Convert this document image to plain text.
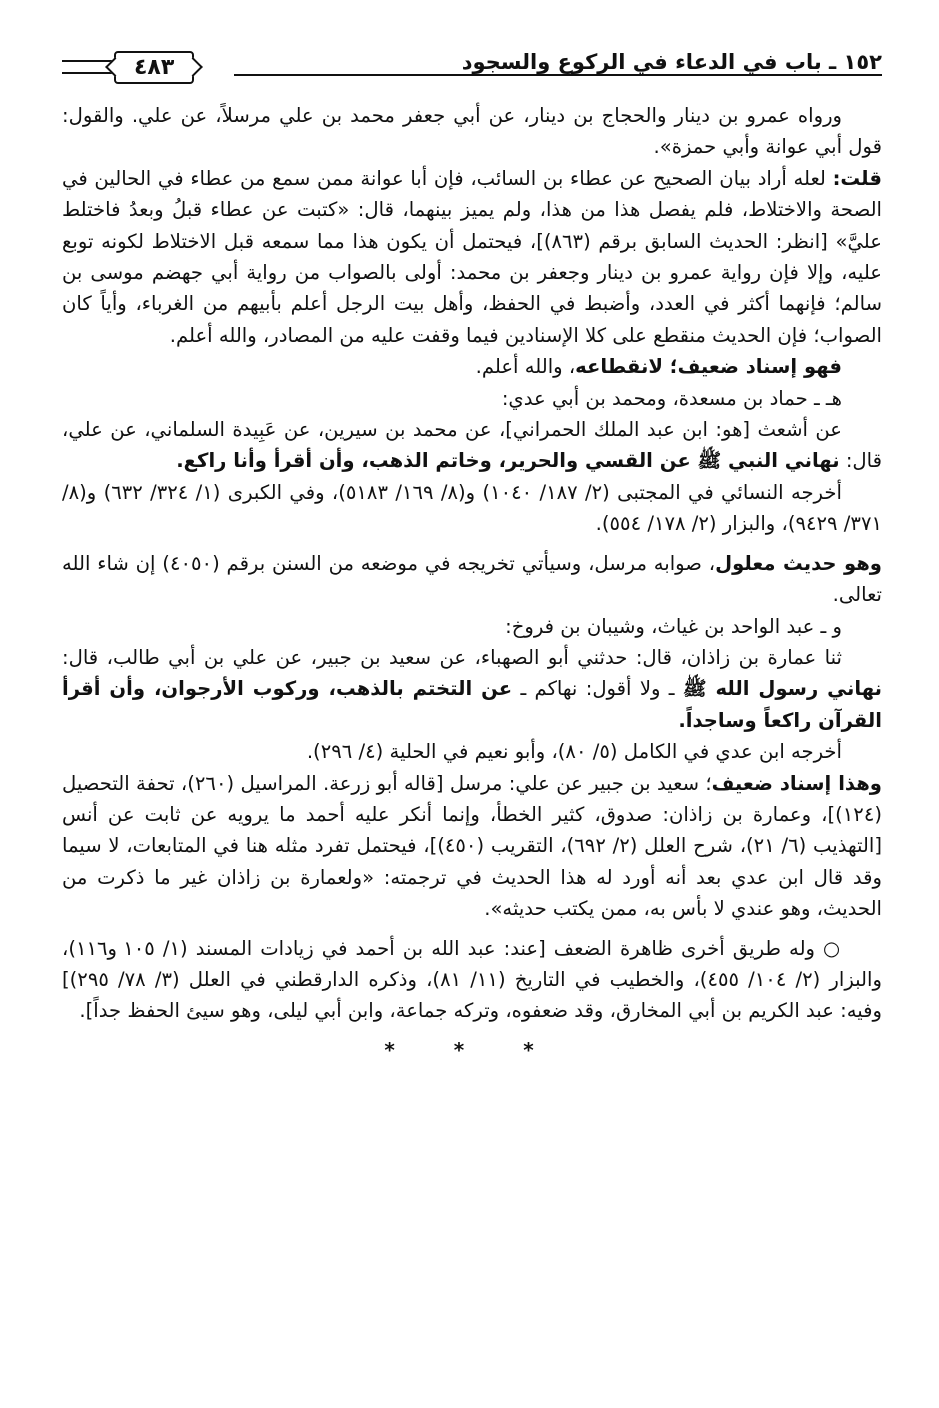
١٥٢ ـ باب في الدعاء في الركوع والسجود
٤٨٣

ورواه عمرو بن دينار والحجاج بن دينار، عن أبي جعفر محمد بن علي مرسلاً، عن علي. والقول: قول أبي عوانة وأبي حمزة».

قلت: لعله أراد بيان الصحيح عن عطاء بن السائب، فإن أبا عوانة ممن سمع من عطاء في الحالين في الصحة والاختلاط، فلم يفصل هذا من هذا، ولم يميز بينهما، قال: «كتبت عن عطاء قبلُ وبعدُ فاختلط عليَّ» [انظر: الحديث السابق برقم (٨٦٣)]، فيحتمل أن يكون هذا مما سمعه قبل الاختلاط لكونه توبع عليه، وإلا فإن رواية عمرو بن دينار وجعفر بن محمد: أولى بالصواب من رواية أبي جهضم موسى بن سالم؛ فإنهما أكثر في العدد، وأضبط في الحفظ، وأهل بيت الرجل أعلم بأبيهم من الغرباء، وأياً كان الصواب؛ فإن الحديث منقطع على كلا الإسنادين فيما وقفت عليه من المصادر، والله أعلم.

فهو إسناد ضعيف؛ لانقطاعه، والله أعلم.

هـ ـ حماد بن مسعدة، ومحمد بن أبي عدي:

عن أشعث [هو: ابن عبد الملك الحمراني]، عن محمد بن سيرين، عن عَبِيدة السلماني، عن علي، قال: نهاني النبي ﷺ عن القسي والحرير، وخاتم الذهب، وأن أقرأ وأنا راكع.

أخرجه النسائي في المجتبى (٢/ ١٨٧/ ١٠٤٠) و(٨/ ١٦٩/ ٥١٨٣)، وفي الكبرى (١/ ٣٢٤/ ٦٣٢) و(٨/ ٣٧١/ ٩٤٢٩)، والبزار (٢/ ١٧٨/ ٥٥٤).

وهو حديث معلول، صوابه مرسل، وسيأتي تخريجه في موضعه من السنن برقم (٤٠٥٠) إن شاء الله تعالى.

و ـ عبد الواحد بن غياث، وشيبان بن فروخ:

ثنا عمارة بن زاذان، قال: حدثني أبو الصهباء، عن سعيد بن جبير، عن علي بن أبي طالب، قال: نهاني رسول الله ﷺ ـ ولا أقول: نهاكم ـ عن التختم بالذهب، وركوب الأرجوان، وأن أقرأ القرآن راكعاً وساجداً.

أخرجه ابن عدي في الكامل (٥/ ٨٠)، وأبو نعيم في الحلية (٤/ ٢٩٦).

وهذا إسناد ضعيف؛ سعيد بن جبير عن علي: مرسل [قاله أبو زرعة. المراسيل (٢٦٠)، تحفة التحصيل (١٢٤)]، وعمارة بن زاذان: صدوق، كثير الخطأ، وإنما أنكر عليه أحمد ما يرويه عن ثابت عن أنس [التهذيب (٦/ ٢١)، شرح العلل (٢/ ٦٩٢)، التقريب (٤٥٠)]، فيحتمل تفرد مثله هنا في المتابعات، لا سيما وقد قال ابن عدي بعد أنه أورد له هذا الحديث في ترجمته: «ولعمارة بن زاذان غير ما ذكرت من الحديث، وهو عندي لا بأس به، ممن يكتب حديثه».

○ وله طريق أخرى ظاهرة الضعف [عند: عبد الله بن أحمد في زيادات المسند (١/ ١٠٥ و١١٦)، والبزار (٢/ ١٠٤/ ٤٥٥)، والخطيب في التاريخ (١١/ ٨١)، وذكره الدارقطني في العلل (٣/ ٧٨/ ٢٩٥)] وفيه: عبد الكريم بن أبي المخارق، وقد ضعفوه، وتركه جماعة، وابن أبي ليلى، وهو سيئ الحفظ جداً].

* * *
